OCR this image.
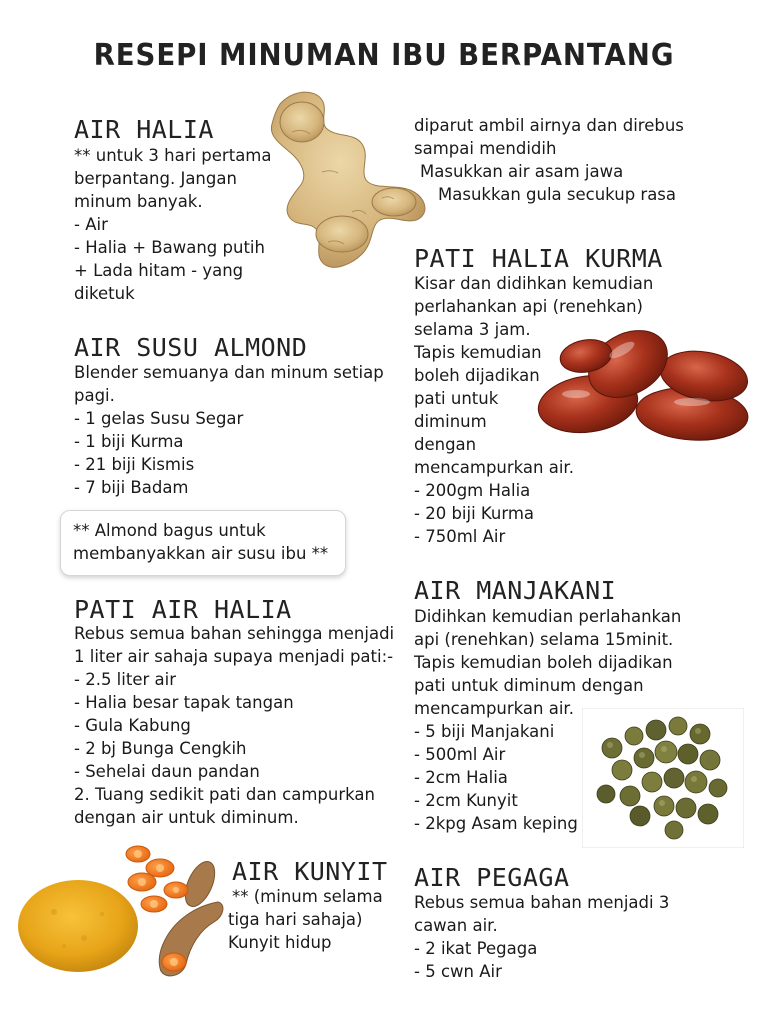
RESEPI MINUMAN IBU BERPANTANG
AIR HALIA
** untuk 3 hari pertama
berpantang. Jangan
minum banyak.
- Air
- Halia + Bawang putih
+ Lada hitam - yang
diketuk
AIR SUSU ALMOND
Blender semuanya dan minum setiap
pagi.
- 1 gelas Susu Segar
- 1 biji Kurma
- 21 biji Kismis
- 7 biji Badam
** Almond bagus untuk
membanyakkan air susu ibu **
PATI AIR HALIA
Rebus semua bahan sehingga menjadi
1 liter air sahaja supaya menjadi pati:-
- 2.5 liter air
- Halia besar tapak tangan
- Gula Kabung
- 2 bj Bunga Cengkih
- Sehelai daun pandan
2. Tuang sedikit pati dan campurkan
dengan air untuk diminum.
AIR KUNYIT
** (minum selama
tiga hari sahaja)
Kunyit hidup
diparut ambil airnya dan direbus
sampai mendidih
Masukkan air asam jawa
Masukkan gula secukup rasa
PATI HALIA KURMA
Kisar dan didihkan kemudian
perlahankan api (renehkan)
selama 3 jam.
Tapis kemudian
boleh dijadikan
pati untuk
diminum
dengan
mencampurkan air.
- 200gm Halia
- 20 biji Kurma
- 750ml Air
AIR MANJAKANI
Didihkan kemudian perlahankan
api (renehkan) selama 15minit.
Tapis kemudian boleh dijadikan
pati untuk diminum dengan
mencampurkan air.
- 5 biji Manjakani
- 500ml Air
- 2cm Halia
- 2cm Kunyit
- 2kpg Asam keping
AIR PEGAGA
Rebus semua bahan menjadi 3
cawan air.
- 2 ikat Pegaga
- 5 cwn Air
